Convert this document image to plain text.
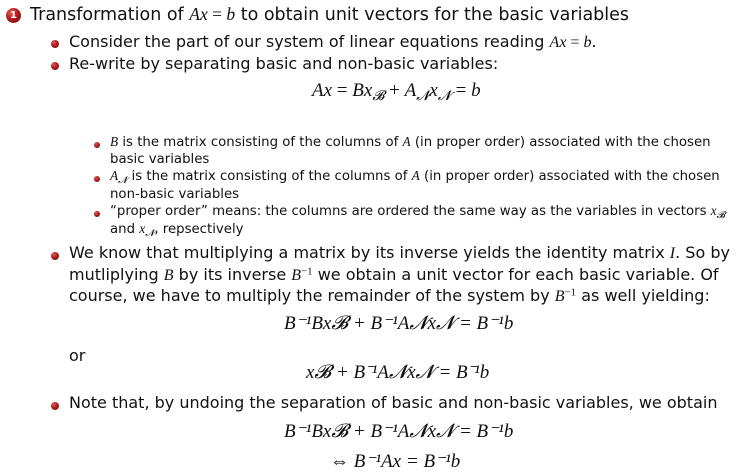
1 Transformation of Ax = b to obtain unit vectors for the basic variables
Consider the part of our system of linear equations reading Ax = b.
Re-write by separating basic and non-basic variables:
$Ax = Bx_𝓑 + A_𝓝x_𝓝 = b$
B is the matrix consisting of the columns of A (in proper order) associated with the chosen
basic variables
$A_𝓝$ is the matrix consisting of the columns of A (in proper order) associated with the chosen
non-basic variables
“proper order” means: the columns are ordered the same way as the variables in vectors $x_𝓑$
and $x_𝓝$, repsectively
We know that multiplying a matrix by its inverse yields the identity matrix I. So by
mutliplying B by its inverse $B^{-1}$ we obtain a unit vector for each basic variable. Of
course, we have to multiply the remainder of the system by $B^{-1}$ as well yielding:
B⁻¹Bx𝓑 + B⁻¹A𝓝x𝓝 = B⁻¹b
or
x𝓑 + B⁻¹A𝓝x𝓝 = B⁻¹b
Note that, by undoing the separation of basic and non-basic variables, we obtain
B⁻¹Bx𝓑 + B⁻¹A𝓝x𝓝 = B⁻¹b
⇔ B⁻¹Ax = B⁻¹b
